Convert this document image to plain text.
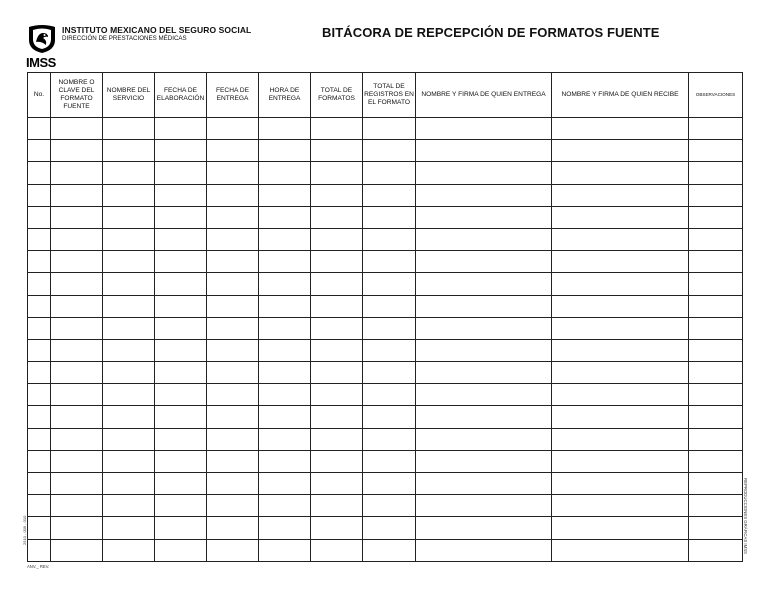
IMSS
INSTITUTO MEXICANO DEL SEGURO SOCIAL
DIRECCIÓN DE PRESTACIONES MÉDICAS	BITÁCORA DE REPCEPCIÓN DE FORMATOS FUENTE
No.	NOMBRE O CLAVE DEL FORMATO FUENTE	NOMBRE DEL SERVICIO	FECHA DE ELABORACIÓN	FECHA DE ENTREGA	HORA DE ENTREGA	TOTAL DE FORMATOS	TOTAL DE REGISTROS EN EL FORMATO	NOMBRE Y FIRMA DE QUIEN ENTREGA	NOMBRE Y FIRMA DE QUIEN RECIBE	OBSERVACIONES

2510 - 009 - 010
ANV._ REV.
REPRODUCCIONES GRÁFICAS IMSS
